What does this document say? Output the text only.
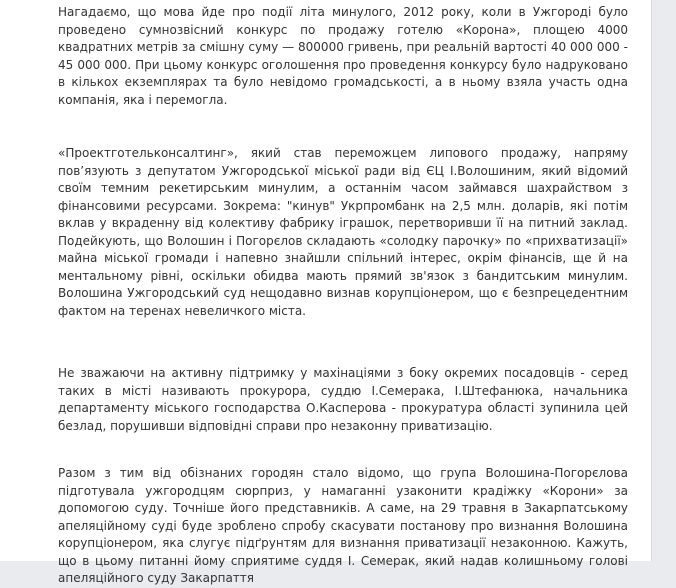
Нагадаємо, що мова йде про події літа минулого, 2012 року, коли в Ужгороді було проведено сумнозвісний конкурс по продажу готелю «Корона», площею 4000 квадратних метрів за смішну суму — 800000 гривень, при реальній вартості 40 000 000 - 45 000 000. При цьому конкурс оголошення про проведення конкурсу було надруковано в кількох екземплярах та було невідомо громадськості, а в ньому взяла участь одна компанія, яка і перемогла.

«Проектготельконсалтинг», який став переможцем липового продажу, напряму пов’язують з депутатом Ужгородської міської ради від ЄЦ І.Волошиним, який відомий своїм темним рекетирським минулим, а останнім часом займався шахрайством з фінансовими ресурсами. Зокрема: "кинув" Укрпромбанк на 2,5 млн. доларів, які потім вклав у вкраденну від колективу фабрику іграшок, перетворивши її на питний заклад. Подейкують, що Волошин і Погорєлов складають «солодку парочку» по «прихватизації» майна міської громади і напевно знайшли спільний інтерес, окрім фінансів, ще й на ментальному рівні, оскільки обидва мають прямий зв'язок з бандитським минулим. Волошина Ужгородський суд нещодавно визнав корупціонером, що є безпрецедентним фактом на теренах невеличкого міста.

Не зважаючи на активну підтримку у махінаціями з боку окремих посадовців - серед таких в місті називають прокурора, суддю І.Семерака, І.Штефанюка, начальника департаменту міського господарства О.Касперова - прокуратура області зупинила цей безлад, порушивши відповідні справи про незаконну приватизацію.

Разом з тим від обізнаних городян стало відомо, що група Волошина-Погорєлова підготувала ужгородцям сюрприз, у намаганні узаконити крадіжку «Корони» за допомогою суду. Точніше його представників. А саме, на 29 травня в Закарпатському апеляційному суді буде зроблено спробу скасувати постанову про визнання Волошина корупціонером, яка слугує підґрунтям для визнання приватизації незаконною. Кажуть, що в цьому питанні йому сприятиме суддя І. Семерак, який надав колишньому голові апеляційного суду Закарпаття
